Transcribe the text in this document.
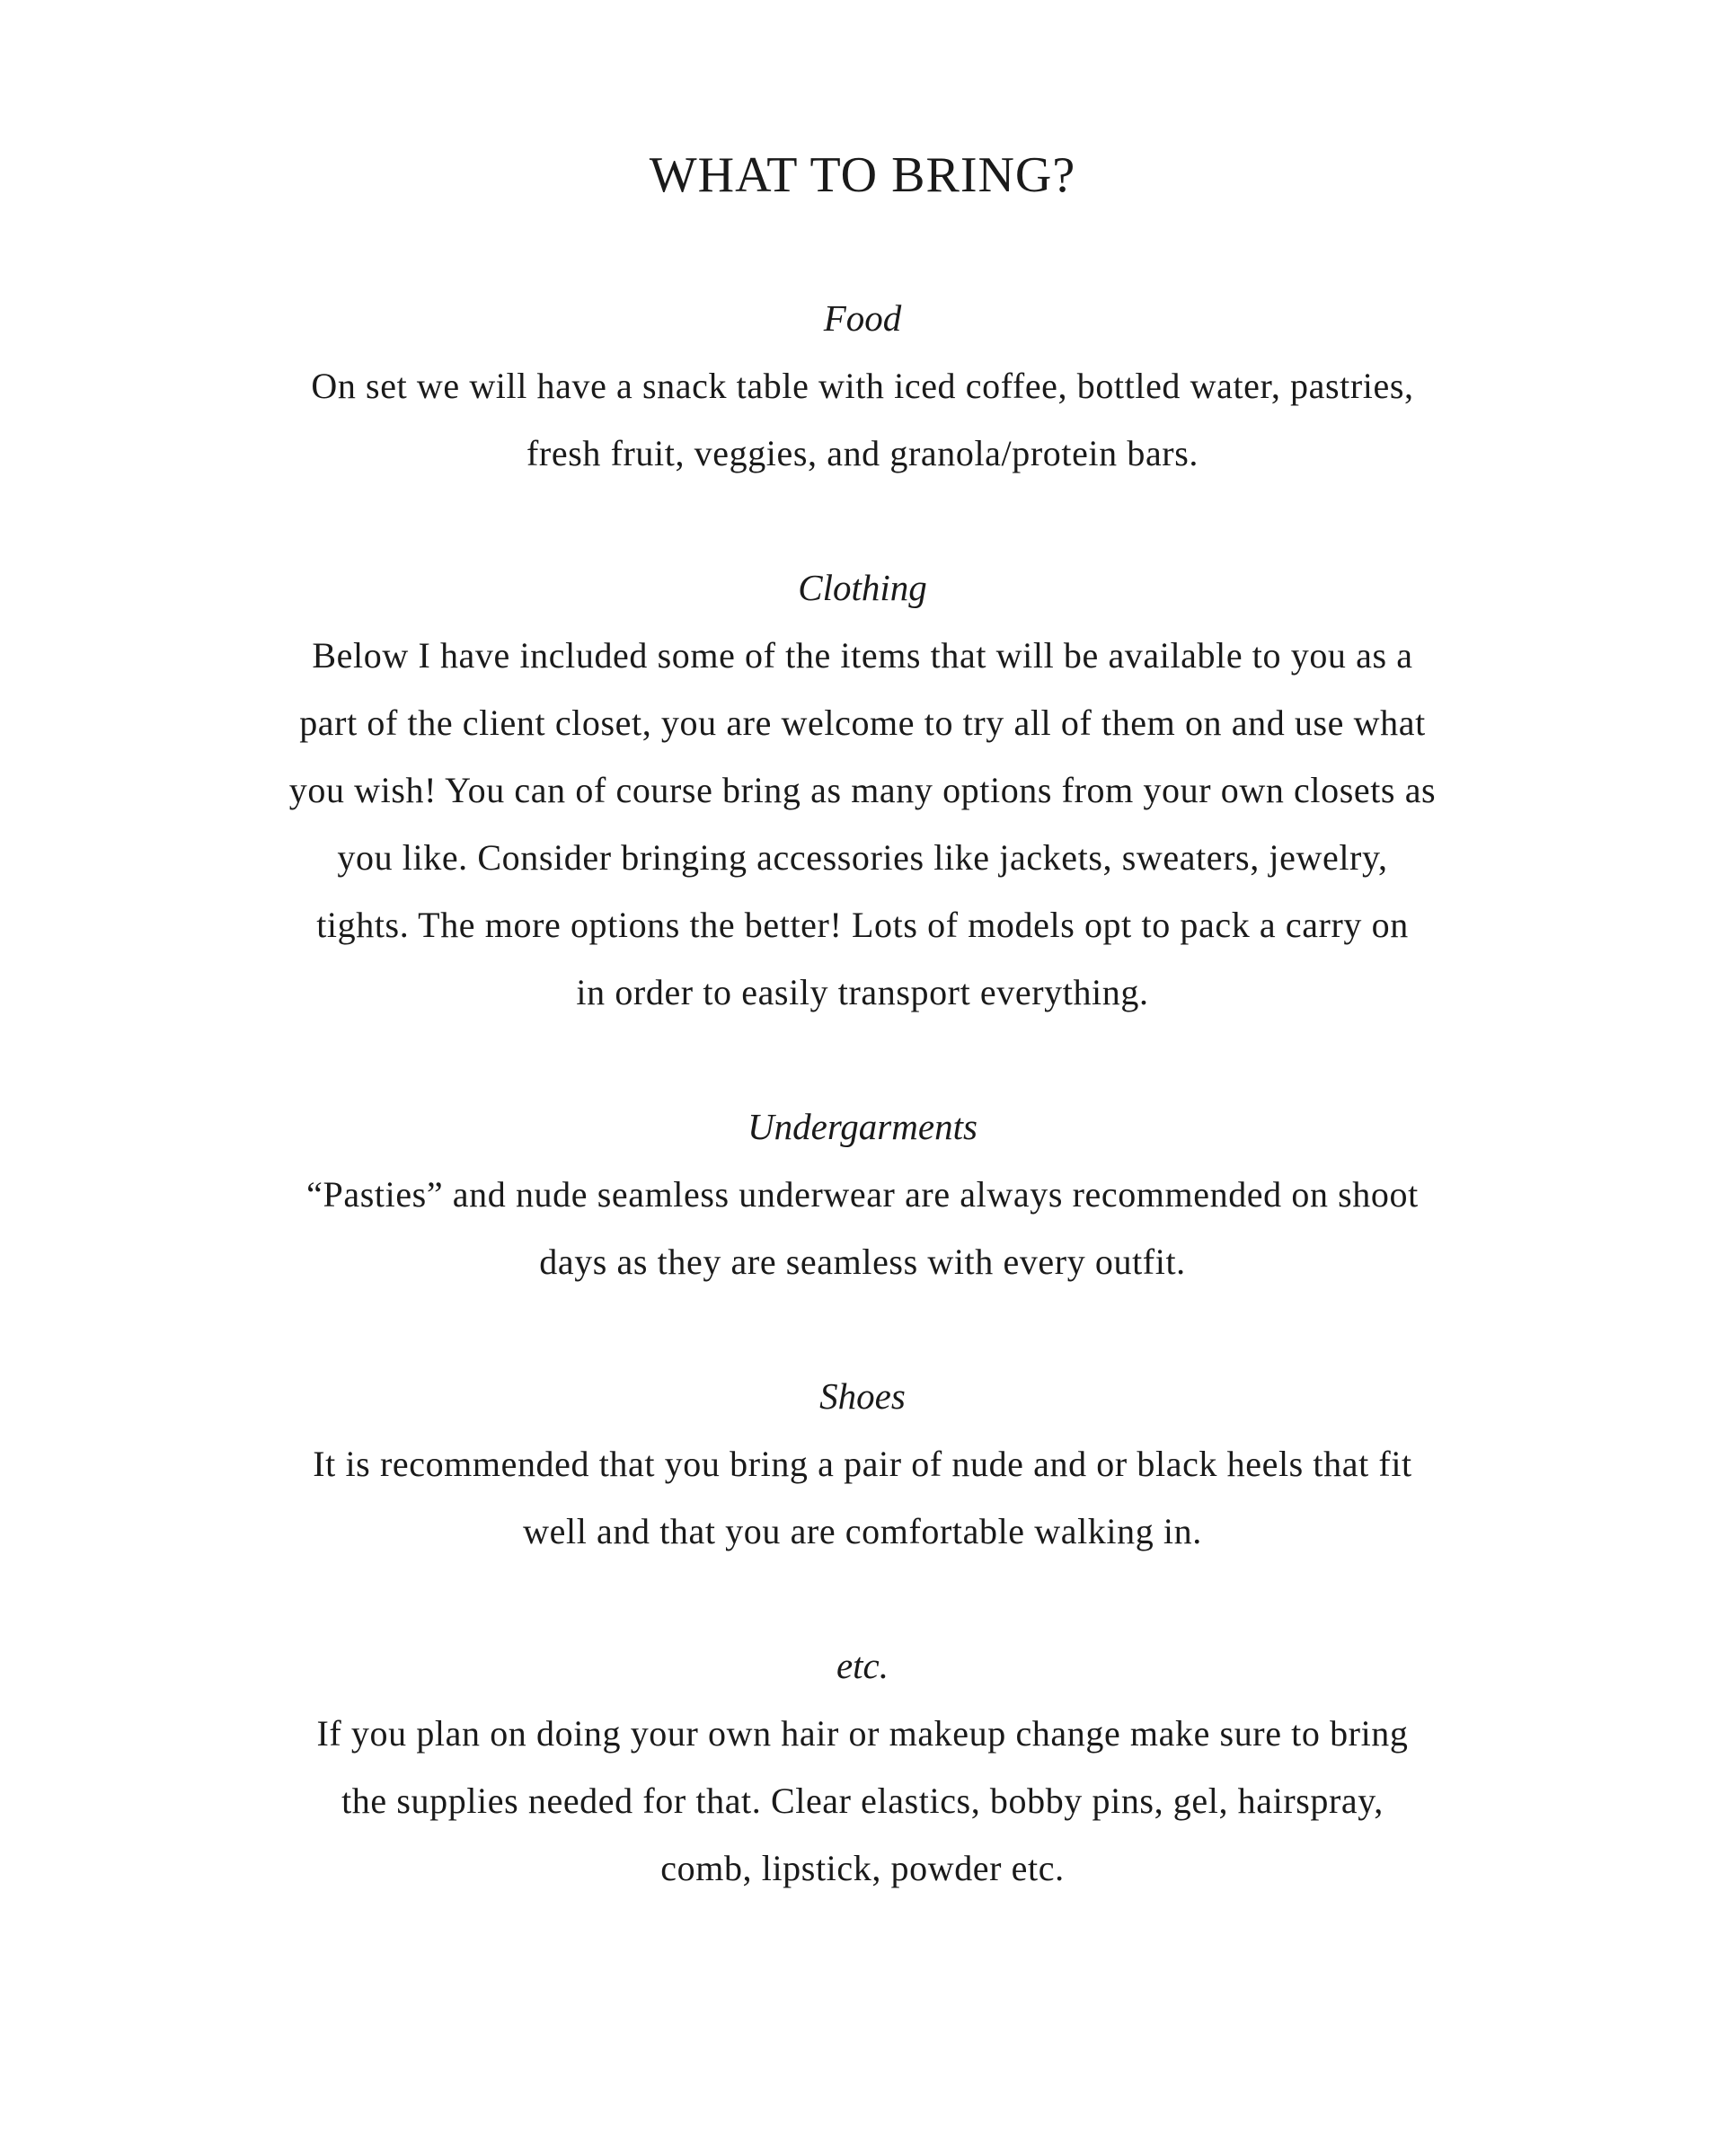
WHAT TO BRING?
Food
On set we will have a snack table with iced coffee, bottled water, pastries,
fresh fruit, veggies, and granola/protein bars.
Clothing
Below I have included some of the items that will be available to you as a
part of the client closet, you are welcome to try all of them on and use what
you wish! You can of course bring as many options from your own closets as
you like. Consider bringing accessories like jackets, sweaters, jewelry,
tights. The more options the better! Lots of models opt to pack a carry on
in order to easily transport everything.
Undergarments
“Pasties” and nude seamless underwear are always recommended on shoot
days as they are seamless with every outfit.
Shoes
It is recommended that you bring a pair of nude and or black heels that fit
well and that you are comfortable walking in.
etc.
If you plan on doing your own hair or makeup change make sure to bring
the supplies needed for that. Clear elastics, bobby pins, gel, hairspray,
comb, lipstick, powder etc.
